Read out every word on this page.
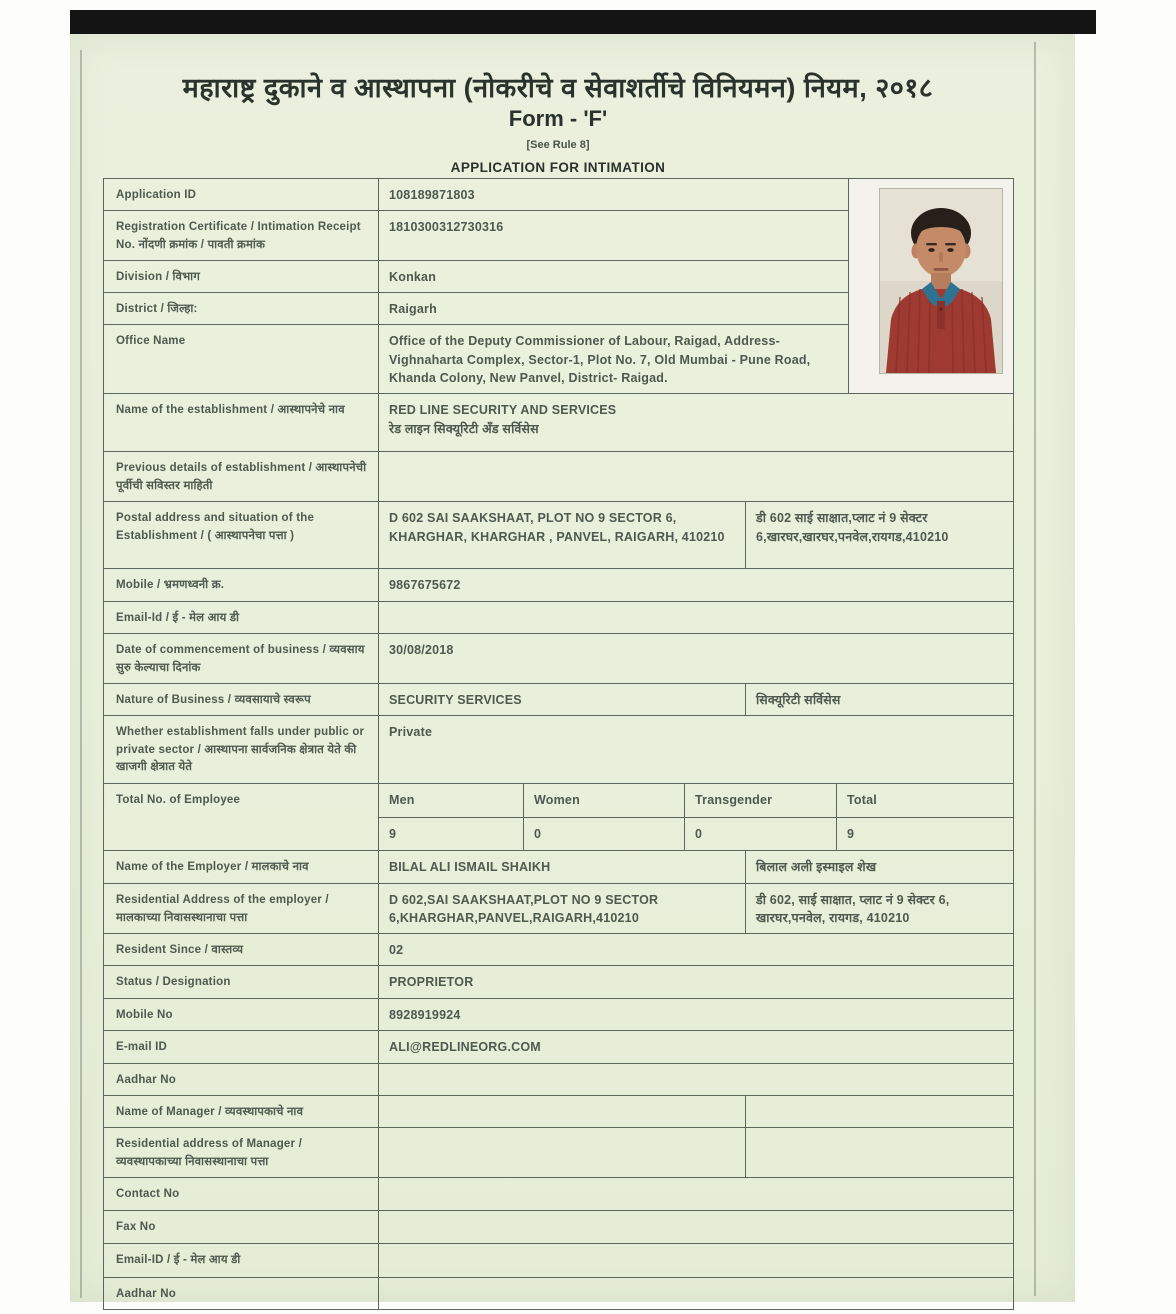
महाराष्ट्र दुकाने व आस्थापना (नोकरीचे व सेवाशर्तीचे विनियमन) नियम, २०१८
Form - 'F'
[See Rule 8]
APPLICATION FOR INTIMATION
Application ID	108189871803	

Registration Certificate / Intimation Receipt No. नोंदणी क्रमांक / पावती क्रमांक	1810300312730316					
Division / विभाग	Konkan					
District / जिल्हा:	Raigarh					
Office Name	Office of the Deputy Commissioner of Labour, Raigad, Address- Vighnaharta Complex, Sector-1, Plot No. 7, Old Mumbai - Pune Road, Khanda Colony, New Panvel, District- Raigad.					
Name of the establishment / आस्थापनेचे नाव	RED LINE SECURITY AND SERVICES
रेड लाइन सिक्यूरिटी अँड सर्विसेस					

Previous details of establishment / आस्थापनेची पूर्वीची सविस्तर माहिती						
Postal address and situation of the Establishment / ( आस्थापनेचा पत्ता )	D 602 SAI SAAKSHAAT, PLOT NO 9 SECTOR 6, KHARGHAR, KHARGHAR , PANVEL, RAIGARH, 410210			डी 602 साई साक्षात,प्लाट नं 9 सेक्टर 6,खारघर,खारघर,पनवेल,रायगड,410210		
Mobile / भ्रमणध्वनी क्र.	9867675672					
Email-Id / ई - मेल आय डी						
Date of commencement of business / व्यवसाय सुरु केल्याचा दिनांक	30/08/2018					
Nature of Business / व्यवसायाचे स्वरूप	SECURITY SERVICES			सिक्यूरिटी सर्विसेस		
Whether establishment falls under public or private sector / आस्थापना सार्वजनिक क्षेत्रात येते की खाजगी क्षेत्रात येते	Private					
Total No. of Employee	Men	Women	Transgender		Total	
	9	0	0		9	
Name of the Employer / मालकाचे नाव	BILAL ALI ISMAIL SHAIKH			बिलाल अली इस्माइल शेख		
Residential Address of the employer / मालकाच्या निवासस्थानाचा पत्ता	D 602,SAI SAAKSHAAT,PLOT NO 9 SECTOR 6,KHARGHAR,PANVEL,RAIGARH,410210			डी 602, साई साक्षात, प्लाट नं 9 सेक्टर 6, खारघर,पनवेल, रायगड, 410210		
Resident Since / वास्तव्य	02					
Status / Designation	PROPRIETOR					
Mobile No	8928919924					
E-mail ID	ALI@REDLINEORG.COM					
Aadhar No						
Name of Manager / व्यवस्थापकाचे नाव						
Residential address of Manager / व्यवस्थापकाच्या निवासस्थानाचा पत्ता						
Contact No						
Fax No						
Email-ID / ई - मेल आय डी						
Aadhar No						
